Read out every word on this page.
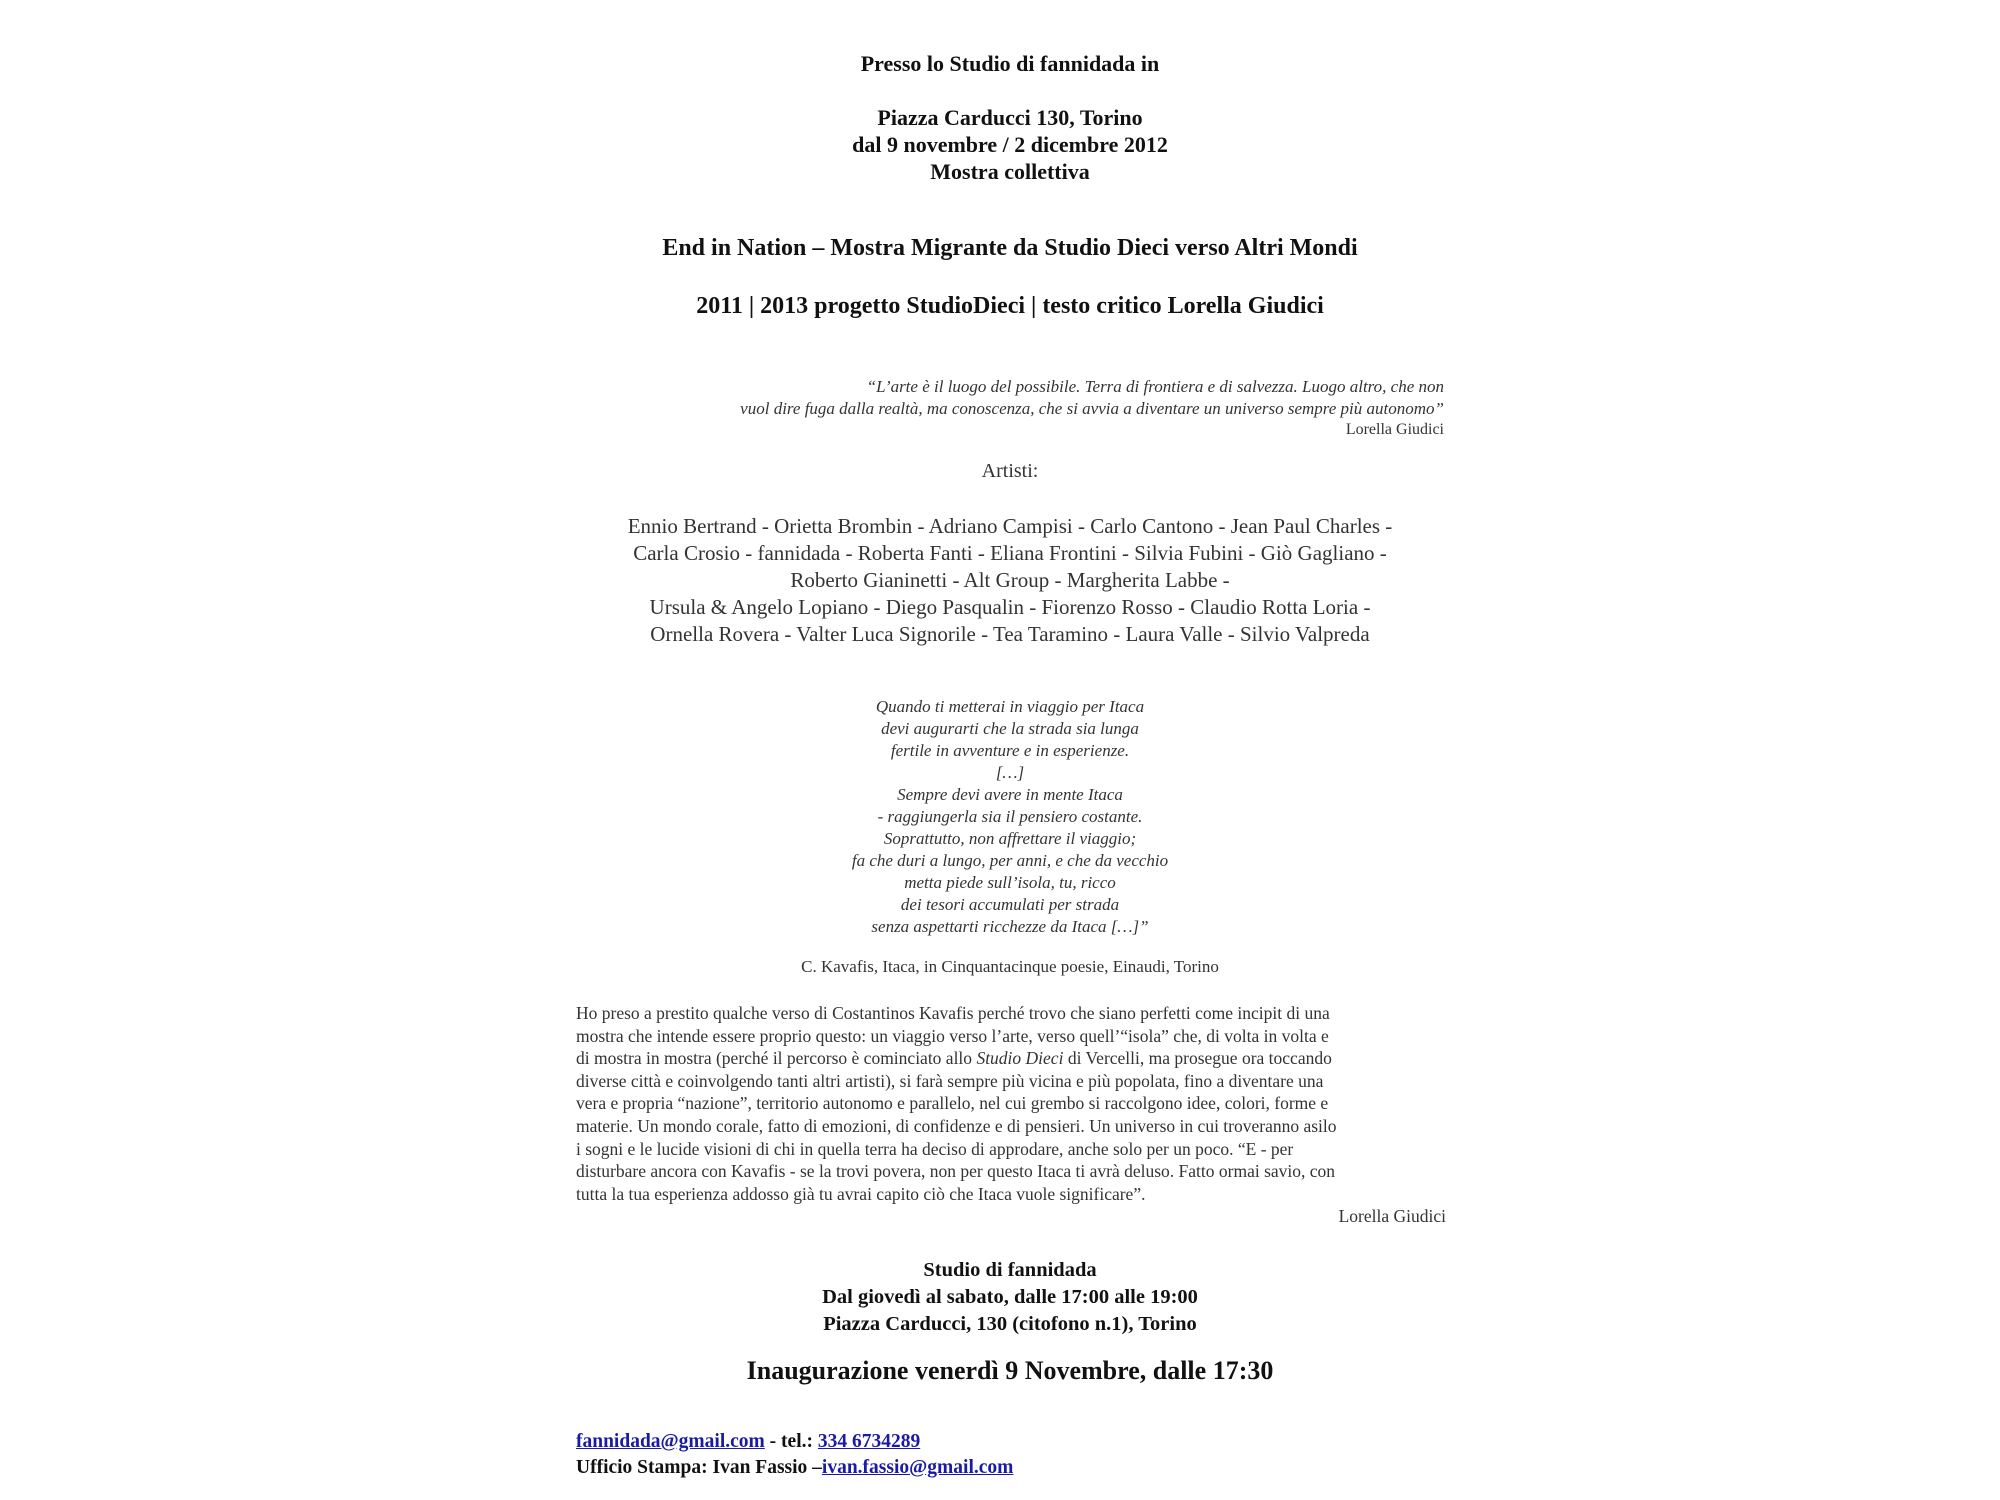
Presso lo Studio di fannidada in
Piazza Carducci 130, Torino
dal 9 novembre / 2 dicembre 2012
Mostra collettiva
End in Nation – Mostra Migrante da Studio Dieci verso Altri Mondi
2011 | 2013 progetto StudioDieci | testo critico Lorella Giudici
“L’arte è il luogo del possibile. Terra di frontiera e di salvezza. Luogo altro, che non
vuol dire fuga dalla realtà, ma conoscenza, che si avvia a diventare un universo sempre più autonomo”
Lorella Giudici
Artisti:
Ennio Bertrand - Orietta Brombin - Adriano Campisi - Carlo Cantono - Jean Paul Charles -
Carla Crosio - fannidada - Roberta Fanti - Eliana Frontini - Silvia Fubini - Giò Gagliano -
Roberto Gianinetti - Alt Group - Margherita Labbe -
Ursula & Angelo Lopiano - Diego Pasqualin - Fiorenzo Rosso - Claudio Rotta Loria -
Ornella Rovera - Valter Luca Signorile - Tea Taramino - Laura Valle - Silvio Valpreda
Quando ti metterai in viaggio per Itaca
devi augurarti che la strada sia lunga
fertile in avventure e in esperienze.
[…]
Sempre devi avere in mente Itaca
- raggiungerla sia il pensiero costante.
Soprattutto, non affrettare il viaggio;
fa che duri a lungo, per anni, e che da vecchio
metta piede sull’isola, tu, ricco
dei tesori accumulati per strada
senza aspettarti ricchezze da Itaca […]”
C. Kavafis, Itaca, in Cinquantacinque poesie, Einaudi, Torino
Ho preso a prestito qualche verso di Costantinos Kavafis perché trovo che siano perfetti come incipit di una
mostra che intende essere proprio questo: un viaggio verso l’arte, verso quell’“isola” che, di volta in volta e
di mostra in mostra (perché il percorso è cominciato allo Studio Dieci di Vercelli, ma prosegue ora toccando
diverse città e coinvolgendo tanti altri artisti), si farà sempre più vicina e più popolata, fino a diventare una
vera e propria “nazione”, territorio autonomo e parallelo, nel cui grembo si raccolgono idee, colori, forme e
materie. Un mondo corale, fatto di emozioni, di confidenze e di pensieri. Un universo in cui troveranno asilo
i sogni e le lucide visioni di chi in quella terra ha deciso di approdare, anche solo per un poco. “E - per
disturbare ancora con Kavafis - se la trovi povera, non per questo Itaca ti avrà deluso. Fatto ormai savio, con
tutta la tua esperienza addosso già tu avrai capito ciò che Itaca vuole significare”.
Lorella Giudici
Studio di fannidada
Dal giovedì al sabato, dalle 17:00 alle 19:00
Piazza Carducci, 130 (citofono n.1), Torino
Inaugurazione venerdì 9 Novembre, dalle 17:30
fannidada@gmail.com - tel.: 334 6734289
Ufficio Stampa: Ivan Fassio –ivan.fassio@gmail.com
